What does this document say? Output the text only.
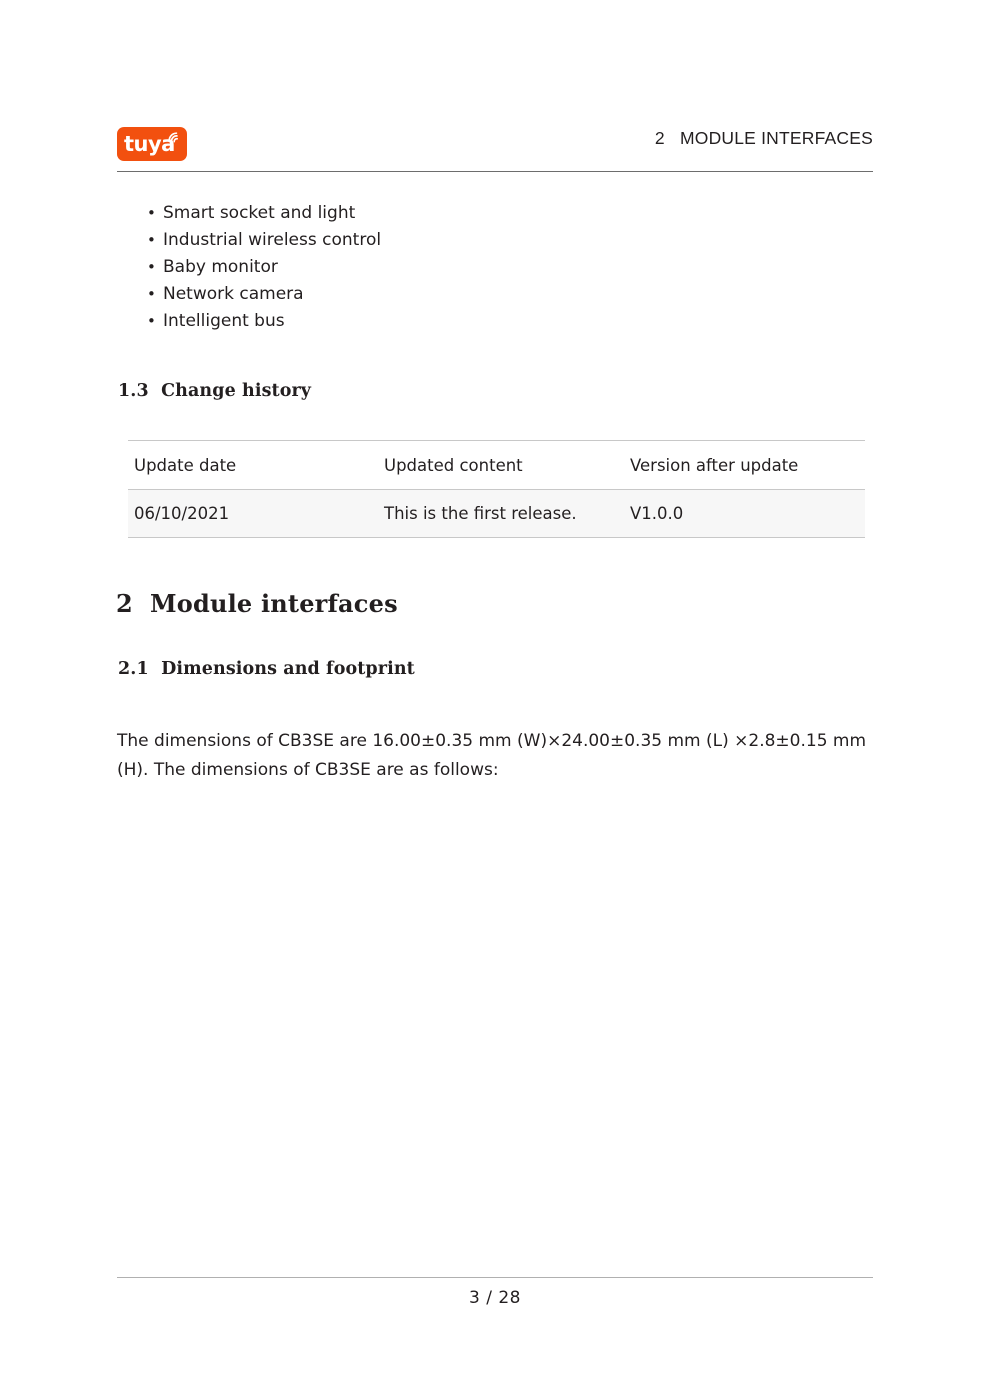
tuya	2   MODULE INTERFACES
• Smart socket and light
• Industrial wireless control
• Baby monitor
• Network camera
• Intelligent bus
1.3  Change history
Update date	Updated content	Version after update
06/10/2021	This is the first release.	V1.0.0
2  Module interfaces
2.1  Dimensions and footprint

The dimensions of CB3SE are 16.00±0.35 mm (W)×24.00±0.35 mm (L) ×2.8±0.15 mm (H). The dimensions of CB3SE are as follows:

3 / 28
